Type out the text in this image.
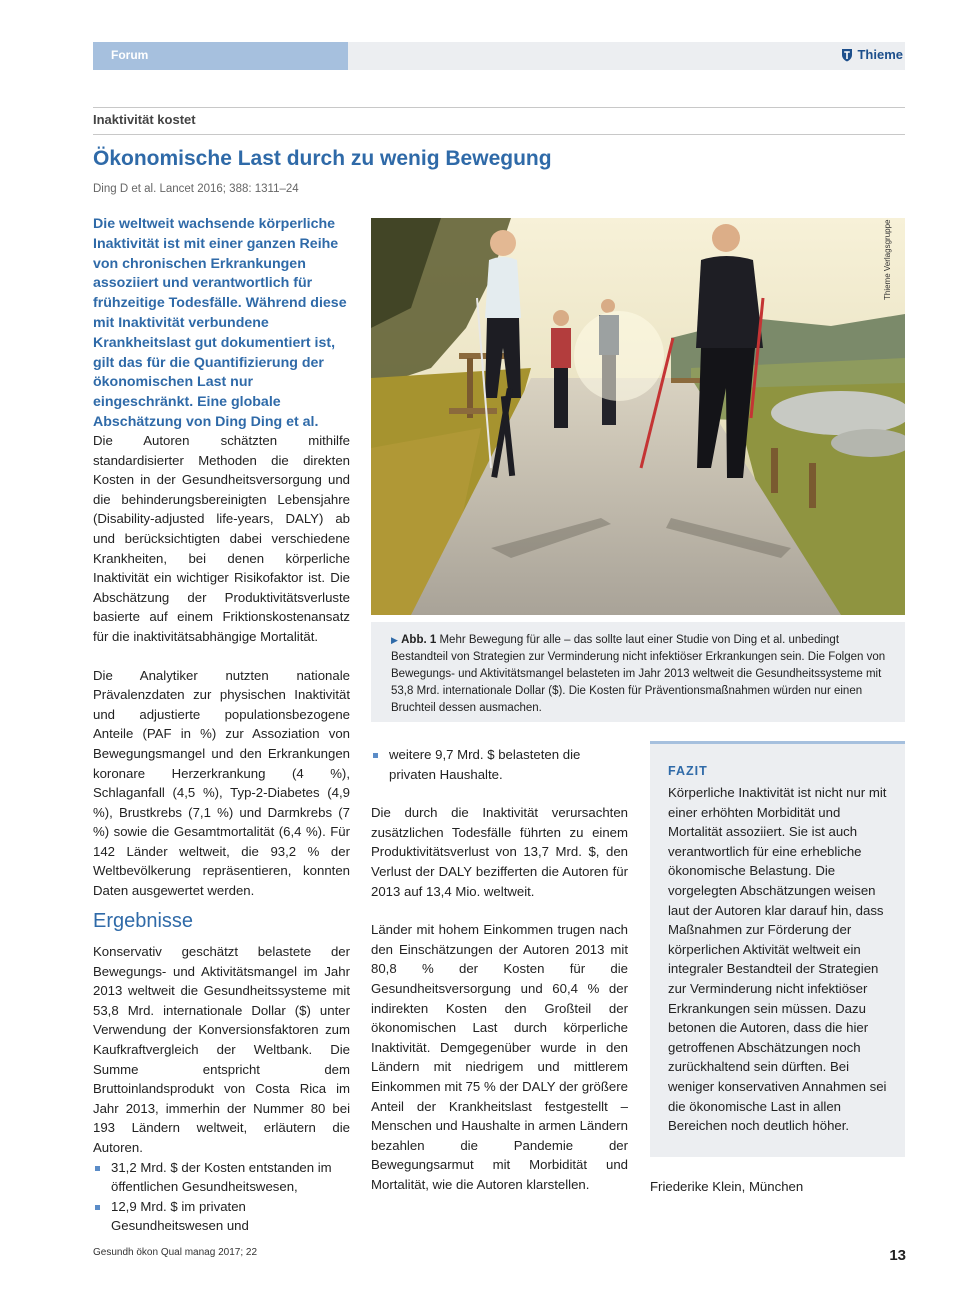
Forum	Thieme
Inaktivität kostet
Ökonomische Last durch zu wenig Bewegung
Ding D et al. Lancet 2016; 388: 1311–24
Die weltweit wachsende körperliche Inaktivität ist mit einer ganzen Reihe von chronischen Erkrankungen assoziiert und verantwortlich für frühzeitige Todesfälle. Während diese mit Inaktivität verbundene Krankheitslast gut dokumentiert ist, gilt das für die Quantifizierung der ökonomischen Last nur eingeschränkt. Eine globale Abschätzung von Ding Ding et al.

Die Autoren schätzten mithilfe standardisierter Methoden die direkten Kosten in der Gesundheitsversorgung und die behinderungsbereinigten Lebensjahre (Disability-adjusted life-years, DALY) ab und berücksichtigten dabei verschiedene Krankheiten, bei denen körperliche Inaktivität ein wichtiger Risikofaktor ist. Die Abschätzung der Produktivitätsverluste basierte auf einem Friktionskostenansatz für die inaktivitätsabhängige Mortalität.

Die Analytiker nutzten nationale Prävalenzdaten zur physischen Inaktivität und adjustierte populationsbezogene Anteile (PAF in %) zur Assoziation von Bewegungsmangel und den Erkrankungen koronare Herzerkrankung (4 %), Schlaganfall (4,5 %), Typ-2-Diabetes (4,9 %), Brustkrebs (7,1 %) und Darmkrebs (7 %) sowie die Gesamtmortalität (6,4 %). Für 142 Länder weltweit, die 93,2 % der Weltbevölkerung repräsentieren, konnten Daten ausgewertet werden.

Ergebnisse

Konservativ geschätzt belastete der Bewegungs- und Aktivitätsmangel im Jahr 2013 weltweit die Gesundheitssysteme mit 53,8 Mrd. internationale Dollar ($) unter Verwendung der Konversionsfaktoren zum Kaufkraftvergleich der Weltbank. Die Summe entspricht dem Bruttoinlandsprodukt von Costa Rica im Jahr 2013, immerhin der Nummer 80 bei 193 Ländern weltweit, erläutern die Autoren.

31,2 Mrd. $ der Kosten entstanden im öffentlichen Gesundheitswesen,
12,9 Mrd. $ im privaten Gesundheitswesen und
Thieme Verlagsgruppe
▶ Abb. 1 Mehr Bewegung für alle – das sollte laut einer Studie von Ding et al. unbedingt Bestandteil von Strategien zur Verminderung nicht infektiöser Erkrankungen sein. Die Folgen von Bewegungs- und Aktivitätsmangel belasteten im Jahr 2013 weltweit die Gesundheitssysteme mit 53,8 Mrd. internationale Dollar ($). Die Kosten für Präventionsmaßnahmen würden nur einen Bruchteil dessen ausmachen.
weitere 9,7 Mrd. $ belasteten die privaten Haushalte.

Die durch die Inaktivität verursachten zusätzlichen Todesfälle führten zu einem Produktivitätsverlust von 13,7 Mrd. $, den Verlust der DALY bezifferten die Autoren für 2013 auf 13,4 Mio. weltweit.

Länder mit hohem Einkommen trugen nach den Einschätzungen der Autoren 2013 mit 80,8 % der Kosten für die Gesundheitsversorgung und 60,4 % der indirekten Kosten den Großteil der ökonomischen Last durch körperliche Inaktivität. Demgegenüber wurde in den Ländern mit niedrigem und mittlerem Einkommen mit 75 % der DALY der größere Anteil der Krankheitslast festgestellt – Menschen und Haushalte in armen Ländern bezahlen die Pandemie der Bewegungsarmut mit Morbidität und Mortalität, wie die Autoren klarstellen.

FAZIT
Körperliche Inaktivität ist nicht nur mit einer erhöhten Morbidität und Mortalität assoziiert. Sie ist auch verantwortlich für eine erhebliche ökonomische Belastung. Die vorgelegten Abschätzungen weisen laut der Autoren klar darauf hin, dass Maßnahmen zur Förderung der körperlichen Aktivität weltweit ein integraler Bestandteil der Strategien zur Verminderung nicht infektiöser Erkrankungen sein müssen. Dazu betonen die Autoren, dass die hier getroffenen Abschätzungen noch zurückhaltend sein dürften. Bei weniger konservativen Annahmen sei die ökonomische Last in allen Bereichen noch deutlich höher.
Friederike Klein, München
Gesundh ökon Qual manag 2017; 22	13
